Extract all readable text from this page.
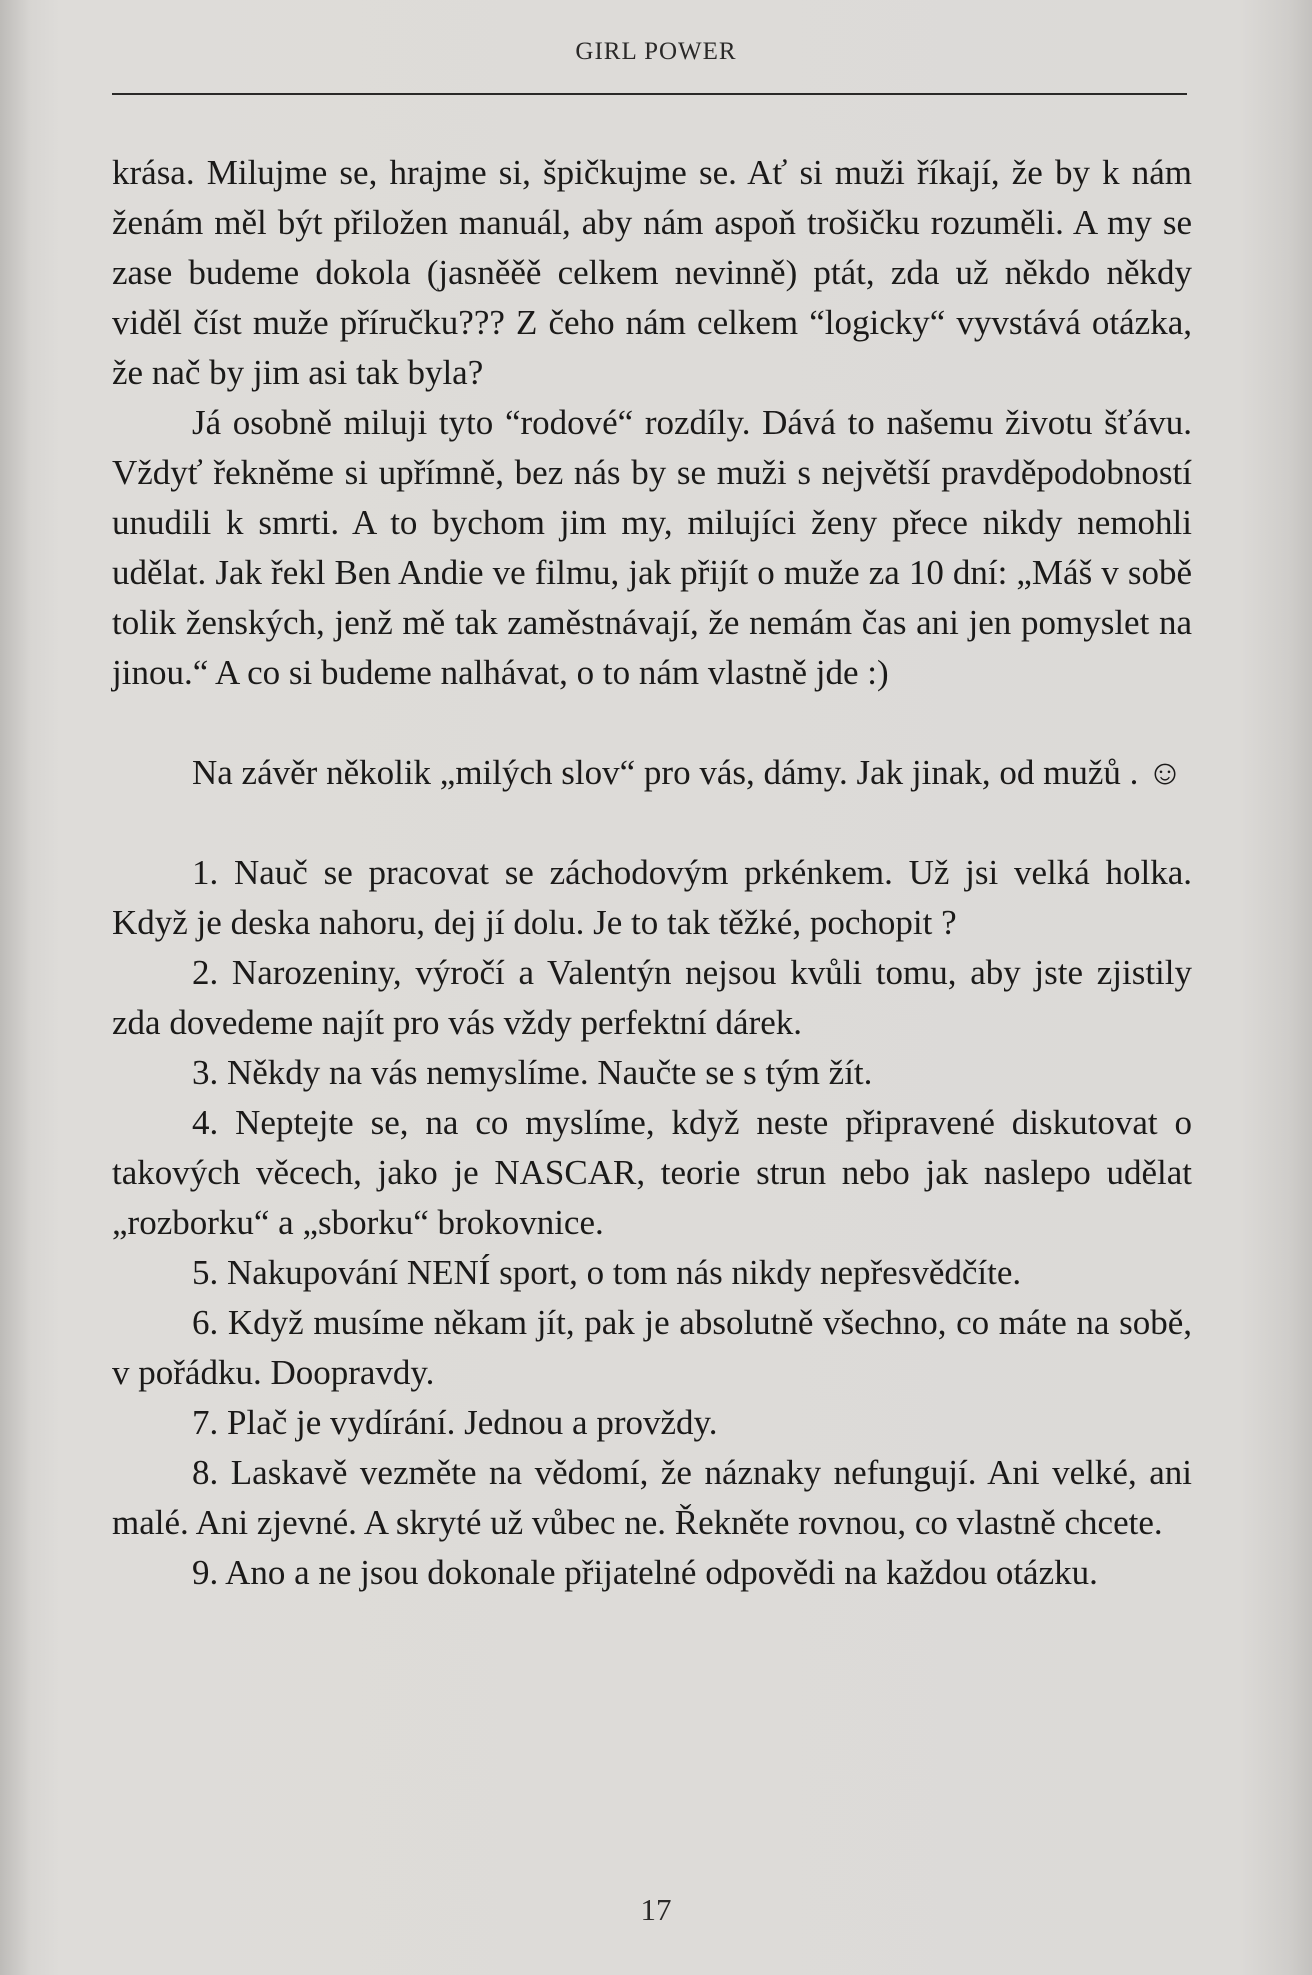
GIRL POWER

krása. Milujme se, hrajme si, špičkujme se. Ať si muži říkají, že by k nám ženám měl být přiložen manuál, aby nám aspoň trošičku rozuměli. A my se zase budeme dokola (jasněěě celkem nevinně) ptát, zda už někdo někdy viděl číst muže příručku??? Z čeho nám celkem “logicky“ vyvstává otázka, že nač by jim asi tak byla?

Já osobně miluji tyto “rodové“ rozdíly. Dává to našemu životu šťávu. Vždyť řekněme si upřímně, bez nás by se muži s největší pravděpodobností unudili k smrti. A to bychom jim my, milujíci ženy přece nikdy nemohli udělat. Jak řekl Ben Andie ve filmu, jak přijít o muže za 10 dní: „Máš v sobě tolik ženských, jenž mě tak zaměstnávají, že nemám čas ani jen pomyslet na jinou.“ A co si budeme nalhávat, o to nám vlastně jde :)

Na závěr několik „milých slov“ pro vás, dámy. Jak jinak, od mužů . ☺

1. Nauč se pracovat se záchodovým prkénkem. Už jsi velká holka. Když je deska nahoru, dej jí dolu. Je to tak těžké, pochopit ?

2. Narozeniny, výročí a Valentýn nejsou kvůli tomu, aby jste zjistily zda dovedeme najít pro vás vždy perfektní dárek.

3. Někdy na vás nemyslíme. Naučte se s tým žít.

4. Neptejte se, na co myslíme, když neste připravené diskutovat o takových věcech, jako je NASCAR, teorie strun nebo jak naslepo udělat „rozborku“ a „sborku“ brokovnice.

5. Nakupování NENÍ sport, o tom nás nikdy nepřesvědčíte.

6. Když musíme někam jít, pak je absolutně všechno, co máte na sobě, v pořádku. Doopravdy.

7. Plač je vydírání. Jednou a provždy.

8. Laskavě vezměte na vědomí, že náznaky nefungují. Ani velké, ani malé. Ani zjevné. A skryté už vůbec ne. Řekněte rovnou, co vlastně chcete.

9. Ano a ne jsou dokonale přijatelné odpovědi na každou otázku.

17
